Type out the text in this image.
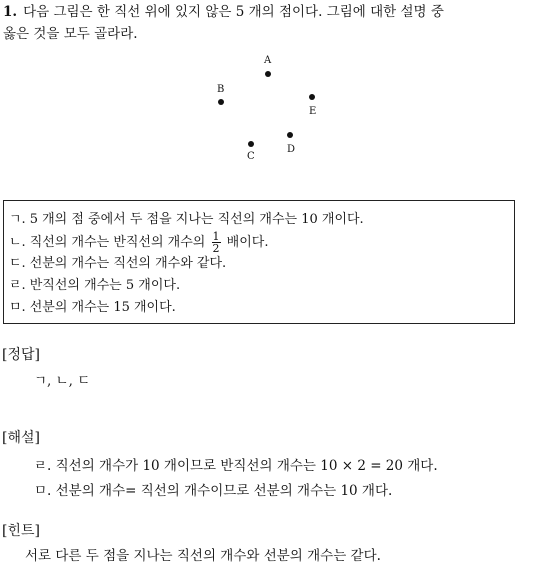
1. 다음 그림은 한 직선 위에 있지 않은 5 개의 점이다. 그림에 대한 설명 중
옳은 것을 모두 골라라.
A
B
C
D
E
ㄱ. 5 개의 점 중에서 두 점을 지나는 직선의 개수는 10 개이다.
ㄴ. 직선의 개수는 반직선의 개수의 $\frac{1}{2}$ 배이다.
ㄷ. 선분의 개수는 직선의 개수와 같다.
ㄹ. 반직선의 개수는 5 개이다.
ㅁ. 선분의 개수는 15 개이다.
[정답]
ㄱ, ㄴ, ㄷ
[해설]
ㄹ. 직선의 개수가 10 개이므로 반직선의 개수는 10 × 2 = 20 개다.
ㅁ. 선분의 개수= 직선의 개수이므로 선분의 개수는 10 개다.
[힌트]
서로 다른 두 점을 지나는 직선의 개수와 선분의 개수는 같다.
